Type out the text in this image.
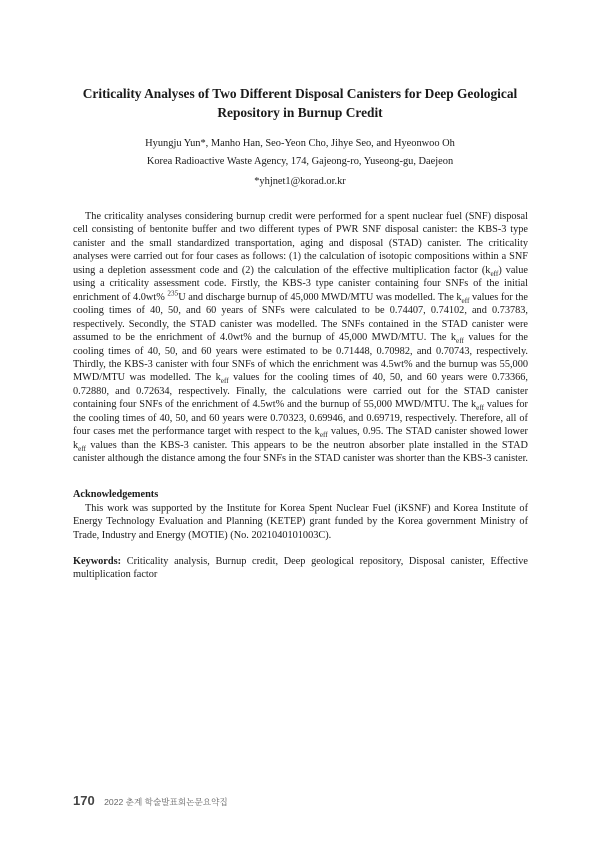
Criticality Analyses of Two Different Disposal Canisters for Deep Geological
Repository in Burnup Credit
Hyungju Yun*, Manho Han, Seo-Yeon Cho, Jihye Seo, and Hyeonwoo Oh
Korea Radioactive Waste Agency, 174, Gajeong-ro, Yuseong-gu, Daejeon
*yhjnet1@korad.or.kr

The criticality analyses considering burnup credit were performed for a spent nuclear fuel (SNF) disposal cell consisting of bentonite buffer and two different types of PWR SNF disposal canister: the KBS-3 type canister and the small standardized transportation, aging and disposal (STAD) canister. The criticality analyses were carried out for four cases as follows: (1) the calculation of isotopic compositions within a SNF using a depletion assessment code and (2) the calculation of the effective multiplication factor $(k_{eff})$ value using a criticality assessment code. Firstly, the KBS-3 type canister containing four SNFs of the initial enrichment of 4.0wt% $^{235}$U and discharge burnup of 45,000 MWD/MTU was modelled. The $k_{eff}$ values for the cooling times of 40, 50, and 60 years of SNFs were calculated to be 0.74407, 0.74102, and 0.73783, respectively. Secondly, the STAD canister was modelled. The SNFs contained in the STAD canister were assumed to be the enrichment of 4.0wt% and the burnup of 45,000 MWD/MTU. The $k_{eff}$ values for the cooling times of 40, 50, and 60 years were estimated to be 0.71448, 0.70982, and 0.70743, respectively. Thirdly, the KBS-3 canister with four SNFs of which the enrichment was 4.5wt% and the burnup was 55,000 MWD/MTU was modelled. The $k_{eff}$ values for the cooling times of 40, 50, and 60 years were 0.73366, 0.72880, and 0.72634, respectively. Finally, the calculations were carried out for the STAD canister containing four SNFs of the enrichment of 4.5wt% and the burnup of 55,000 MWD/MTU. The $k_{eff}$ values for the cooling times of 40, 50, and 60 years were 0.70323, 0.69946, and 0.69719, respectively. Therefore, all of four cases met the performance target with respect to the $k_{eff}$ values, 0.95. The STAD canister showed lower $k_{eff}$ values than the KBS-3 canister. This appears to be the neutron absorber plate installed in the STAD canister although the distance among the four SNFs in the STAD canister was shorter than the KBS-3 canister.

Acknowledgements

This work was supported by the Institute for Korea Spent Nuclear Fuel (iKSNF) and Korea Institute of Energy Technology Evaluation and Planning (KETEP) grant funded by the Korea government Ministry of Trade, Industry and Energy (MOTIE) (No. 2021040101003C).

Keywords: Criticality analysis, Burnup credit, Deep geological repository, Disposal canister, Effective multiplication factor
170 2022 춘계 학술발표회논문요약집
